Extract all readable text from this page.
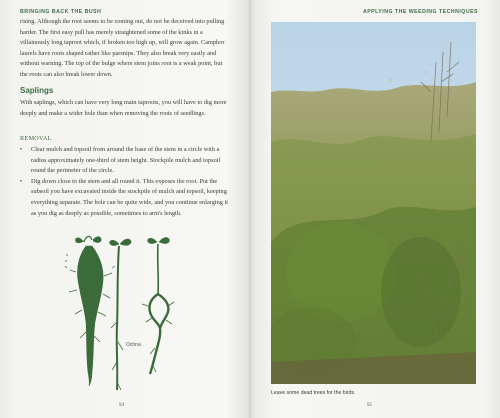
BRINGING BACK THE BUSH
rising. Although the root seems to be coming out, do not be deceived into pulling harder. The first easy pull has merely straightened some of the kinks in a villainously long taproot which, if broken too high up, will grow again. Camphor laurels have roots shaped rather like parsnips. They also break very easily and without warning. The top of the bulge where stem joins root is a weak point, but the roots can also break lower down.
Saplings
With saplings, which can have very long main taproots, you will have to dig more deeply and make a wider hole than when removing the roots of seedlings.
REMOVAL
• Clear mulch and topsoil from around the base of the stem in a circle with a radius approximately one-third of stem height. Stockpile mulch and topsoil round the perimeter of the circle.
• Dig down close to the stem and all round it. This exposes the root. Put the subsoil you have excavated inside the stockpile of mulch and topsoil, keeping everything separate. The hole can be quite wide, and you continue enlarging it as you dig as deeply as possible, sometimes to arm's length.
Ochna
94
APPLYING THE WEEDING TECHNIQUES
Leave some dead trees for the birds.
95
